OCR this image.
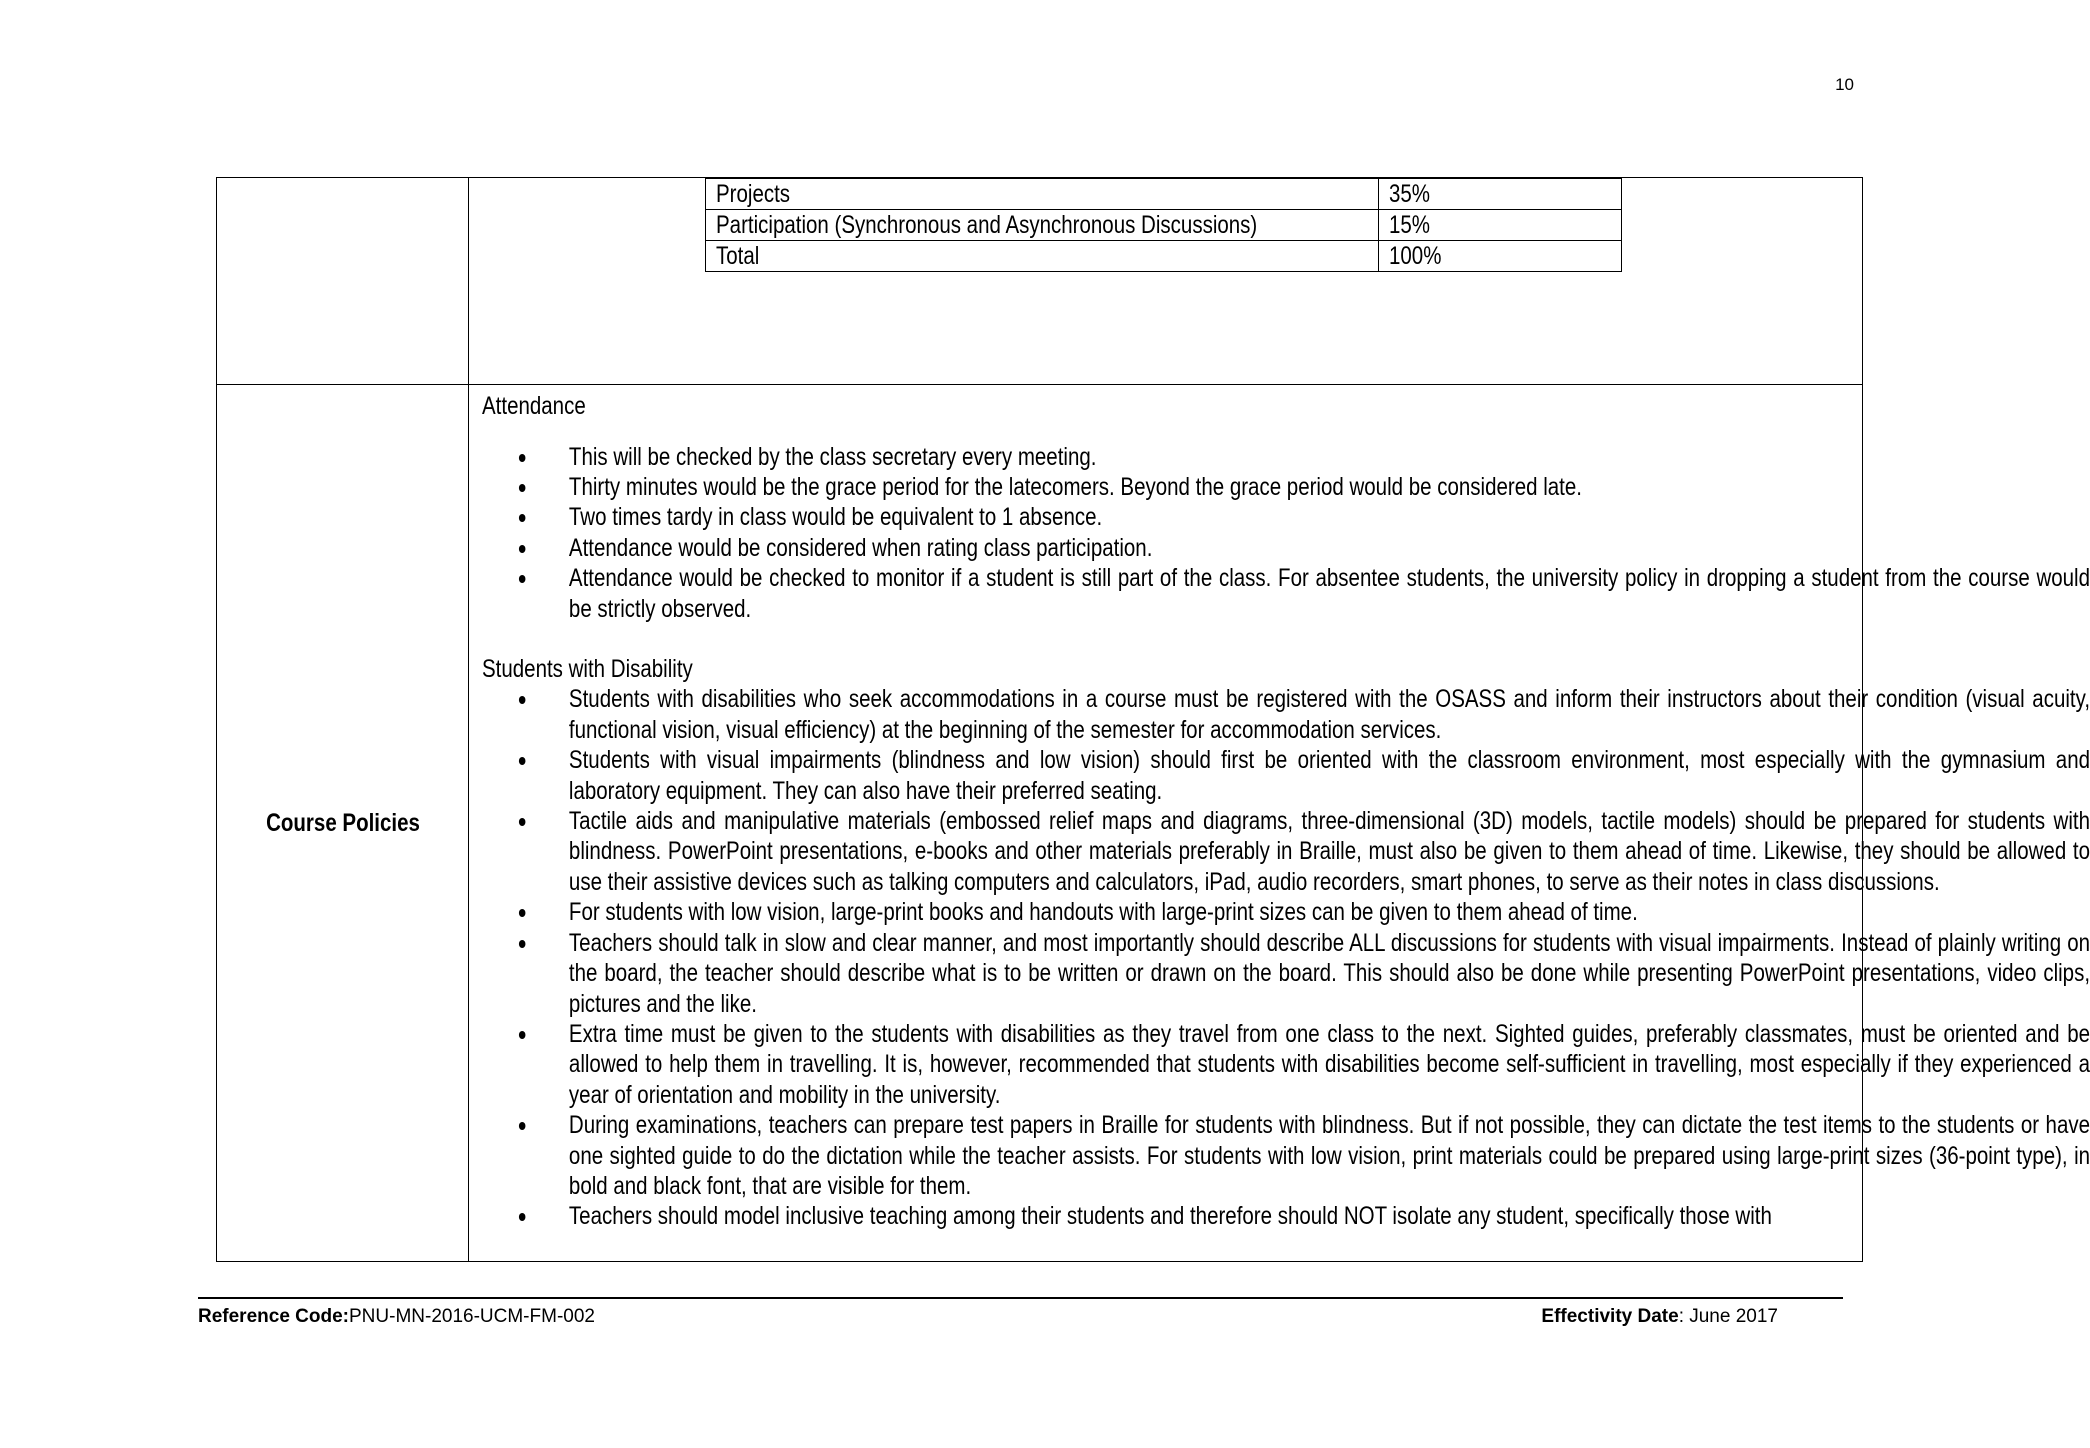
10

Projects	35%
Participation (Synchronous and Asynchronous Discussions)	15%
Total	100%

Course Policies	

Attendance

This will be checked by the class secretary every meeting.
Thirty minutes would be the grace period for the latecomers. Beyond the grace period would be considered late.
Two times tardy in class would be equivalent to 1 absence.
Attendance would be considered when rating class participation.
Attendance would be checked to monitor if a student is still part of the class. For absentee students, the university policy in dropping a student from the course would be strictly observed.

Students with Disability

Students with disabilities who seek accommodations in a course must be registered with the OSASS and inform their instructors about their condition (visual acuity, functional vision, visual efficiency) at the beginning of the semester for accommodation services.
Students with visual impairments (blindness and low vision) should first be oriented with the classroom environment, most especially with the gymnasium and laboratory equipment. They can also have their preferred seating.
Tactile aids and manipulative materials (embossed relief maps and diagrams, three-dimensional (3D) models, tactile models) should be prepared for students with blindness. PowerPoint presentations, e-books and other materials preferably in Braille, must also be given to them ahead of time. Likewise, they should be allowed to use their assistive devices such as talking computers and calculators, iPad, audio recorders, smart phones, to serve as their notes in class discussions.
For students with low vision, large-print books and handouts with large-print sizes can be given to them ahead of time.
Teachers should talk in slow and clear manner, and most importantly should describe ALL discussions for students with visual impairments. Instead of plainly writing on the board, the teacher should describe what is to be written or drawn on the board. This should also be done while presenting PowerPoint presentations, video clips, pictures and the like.
Extra time must be given to the students with disabilities as they travel from one class to the next. Sighted guides, preferably classmates, must be oriented and be allowed to help them in travelling. It is, however, recommended that students with disabilities become self-sufficient in travelling, most especially if they experienced a year of orientation and mobility in the university.
During examinations, teachers can prepare test papers in Braille for students with blindness. But if not possible, they can dictate the test items to the students or have one sighted guide to do the dictation while the teacher assists. For students with low vision, print materials could be prepared using large-print sizes (36-point type), in bold and black font, that are visible for them.
Teachers should model inclusive teaching among their students and therefore should NOT isolate any student, specifically those with
Reference Code:PNU-MN-2016-UCM-FM-002	Effectivity Date: June 2017
